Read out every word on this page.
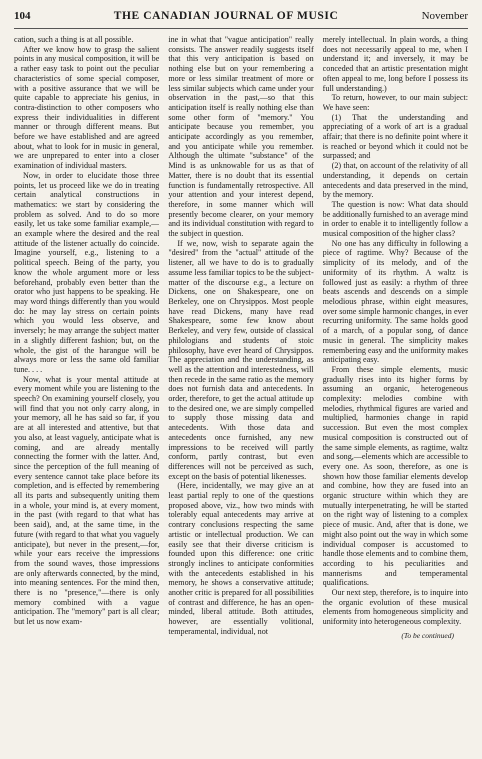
104	THE CANADIAN JOURNAL OF MUSIC	November

cation, such a thing is at all possible.

After we know how to grasp the salient points in any musical composition, it will be a rather easy task to point out the peculiar characteristics of some special composer, with a positive assurance that we will be quite capable to appreciate his genius, in contra-distinction to other composers who express their individualities in different manner or through different means. But before we have established and are agreed about, what to look for in music in general, we are unprepared to enter into a closer examination of individual masters.

Now, in order to elucidate those three points, let us proceed like we do in treating certain analytical constructions in mathematics: we start by considering the problem as solved. And to do so more easily, let us take some familiar example,—an example where the desired and the real attitude of the listener actually do coincide. Imagine yourself, e.g., listening to a political speech. Being of the party, you know the whole argument more or less beforehand, probably even better than the orator who just happens to be speaking. He may word things differently than you would do: he may lay stress on certain points which you would less observe, and inversely; he may arrange the subject matter in a slightly different fashion; but, on the whole, the gist of the harangue will be always more or less the same old familiar tune. . . .

Now, what is your mental attitude at every moment while you are listening to the speech? On examining yourself closely, you will find that you not only carry along, in your memory, all he has said so far, if you are at all interested and attentive, but that you also, at least vaguely, anticipate what is coming, and are already mentally connecting the former with the latter. And, since the perception of the full meaning of every sentence cannot take place before its completion, and is effected by remembering all its parts and subsequently uniting them in a whole, your mind is, at every moment, in the past (with regard to that what has been said), and, at the same time, in the future (with regard to that what you vaguely anticipate), but never in the present,—for, while your ears receive the impressions from the sound waves, those impressions are only afterwards connected, by the mind, into meaning sentences. For the mind then, there is no "presence,"—there is only memory combined with a vague anticipation. The "memory" part is all clear; but let us now exam-

ine in what that "vague anticipation" really consists. The answer readily suggests itself that this very anticipation is based on nothing else but on your remembering a more or less similar treatment of more or less similar subjects which came under your observation in the past,—so that this anticipation itself is really nothing else than some other form of "memory." You anticipate because you remember, you anticipate accordingly as you remember, and you anticipate while you remember. Although the ultimate "substance" of the Mind is as unknowable for us as that of Matter, there is no doubt that its essential function is fundamentally retrospective. All your attention and your interest depend, therefore, in some manner which will presently become clearer, on your memory and its individual constitution with regard to the subject in question.

If we, now, wish to separate again the "desired" from the "actual" attitude of the listener, all we have to do is to gradually assume less familiar topics to be the subject-matter of the discourse e.g., a lecture on Dickens, one on Shakespeare, one on Berkeley, one on Chrysippos. Most people have read Dickens, many have read Shakespeare, some few know about Berkeley, and very few, outside of classical philologians and students of stoic philosophy, have ever heard of Chrysippos. The appreciation and the understanding, as well as the attention and interestedness, will then recede in the same ratio as the memory does not furnish data and antecedents. In order, therefore, to get the actual attitude up to the desired one, we are simply compelled to supply those missing data and antecedents. With those data and antecedents once furnished, any new impressions to be received will partly conform, partly contrast, but even differences will not be perceived as such, except on the basis of potential likenesses.

(Here, incidentally, we may give an at least partial reply to one of the questions proposed above, viz., how two minds with tolerably equal antecedents may arrive at contrary conclusions respecting the same artistic or intellectual production. We can easily see that their diverse criticism is founded upon this difference: one critic strongly inclines to anticipate conformities with the antecedents established in his memory, he shows a conservative attitude; another critic is prepared for all possibilities of contrast and difference, he has an open-minded, liberal attitude. Both attitudes, however, are essentially volitional, temperamental, individual, not

merely intellectual. In plain words, a thing does not necessarily appeal to me, when I understand it; and inversely, it may be conceded that an artistic presentation might often appeal to me, long before I possess its full understanding.)

To return, however, to our main subject: We have seen:

(1) That the understanding and appreciating of a work of art is a gradual affair; that there is no definite point where it is reached or beyond which it could not be surpassed; and

(2) that, on account of the relativity of all understanding, it depends on certain antecedents and data preserved in the mind, by the memory.

The question is now: What data should be additionally furnished to an average mind in order to enable it to intelligently follow a musical composition of the higher class?

No one has any difficulty in following a piece of ragtime. Why? Because of the simplicity of its melody, and of the uniformity of its rhythm. A waltz is followed just as easily: a rhythm of three beats ascends and descends on a simple melodious phrase, within eight measures, over some simple harmonic changes, in ever recurring uniformity. The same holds good of a march, of a popular song, of dance music in general. The simplicity makes remembering easy and the uniformity makes anticipating easy.

From these simple elements, music gradually rises into its higher forms by assuming an organic, heterogeneous complexity: melodies combine with melodies, rhythmical figures are varied and multiplied, harmonies change in rapid succession. But even the most complex musical composition is constructed out of the same simple elements, as ragtime, waltz and song,—elements which are accessible to every one. As soon, therefore, as one is shown how those familiar elements develop and combine, how they are fused into an organic structure within which they are mutually interpenetrating, he will be started on the right way of listening to a complex piece of music. And, after that is done, we might also point out the way in which some individual composer is accustomed to handle those elements and to combine them, according to his peculiarities and mannerisms and temperamental qualifications.

Our next step, therefore, is to inquire into the organic evolution of these musical elements from homogeneous simplicity and uniformity into heterogeneous complexity.

(To be continued)
